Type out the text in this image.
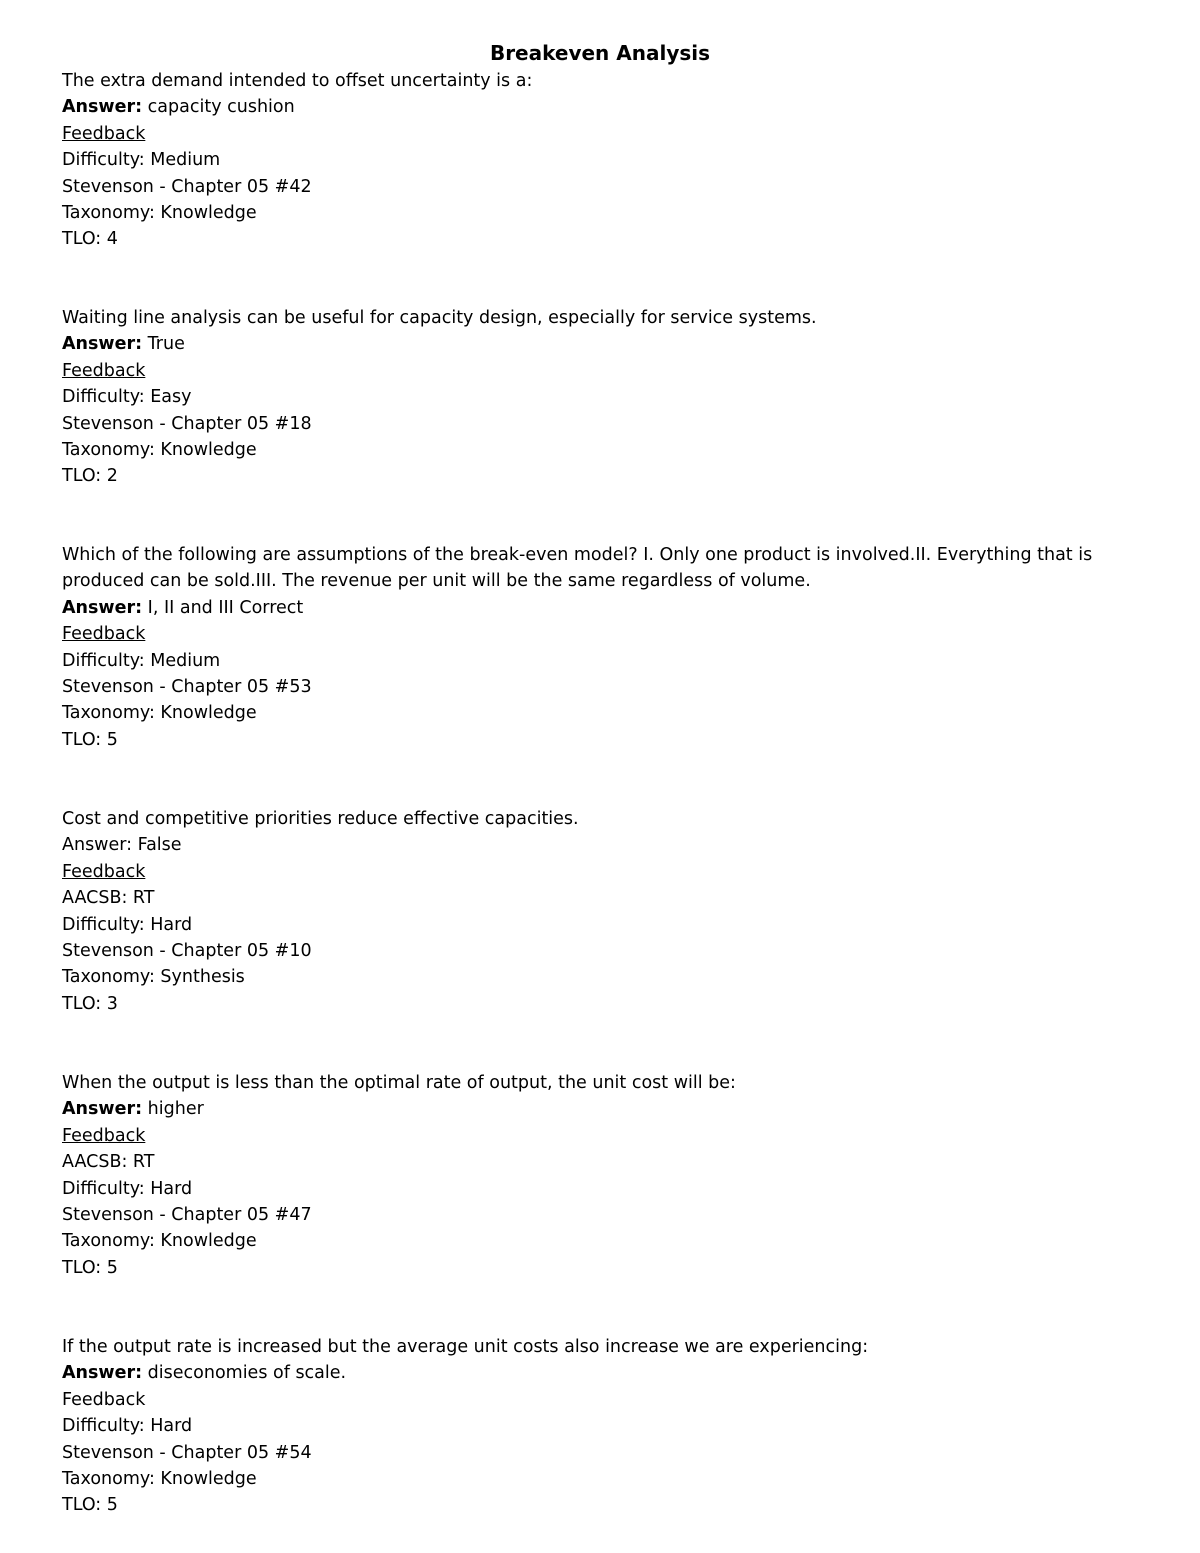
Breakeven Analysis
The extra demand intended to offset uncertainty is a:
Answer: capacity cushion
Feedback
Difficulty: Medium
Stevenson - Chapter 05 #42
Taxonomy: Knowledge
TLO: 4
Waiting line analysis can be useful for capacity design, especially for service systems.
Answer: True
Feedback
Difficulty: Easy
Stevenson - Chapter 05 #18
Taxonomy: Knowledge
TLO: 2
Which of the following are assumptions of the break-even model? I. Only one product is involved.II. Everything that is produced can be sold.III. The revenue per unit will be the same regardless of volume.
Answer: I, II and III Correct
Feedback
Difficulty: Medium
Stevenson - Chapter 05 #53
Taxonomy: Knowledge
TLO: 5
Cost and competitive priorities reduce effective capacities.
Answer: False
Feedback
AACSB: RT
Difficulty: Hard
Stevenson - Chapter 05 #10
Taxonomy: Synthesis
TLO: 3
When the output is less than the optimal rate of output, the unit cost will be:
Answer: higher
Feedback
AACSB: RT
Difficulty: Hard
Stevenson - Chapter 05 #47
Taxonomy: Knowledge
TLO: 5
If the output rate is increased but the average unit costs also increase we are experiencing:
Answer: diseconomies of scale.
Feedback
Difficulty: Hard
Stevenson - Chapter 05 #54
Taxonomy: Knowledge
TLO: 5
